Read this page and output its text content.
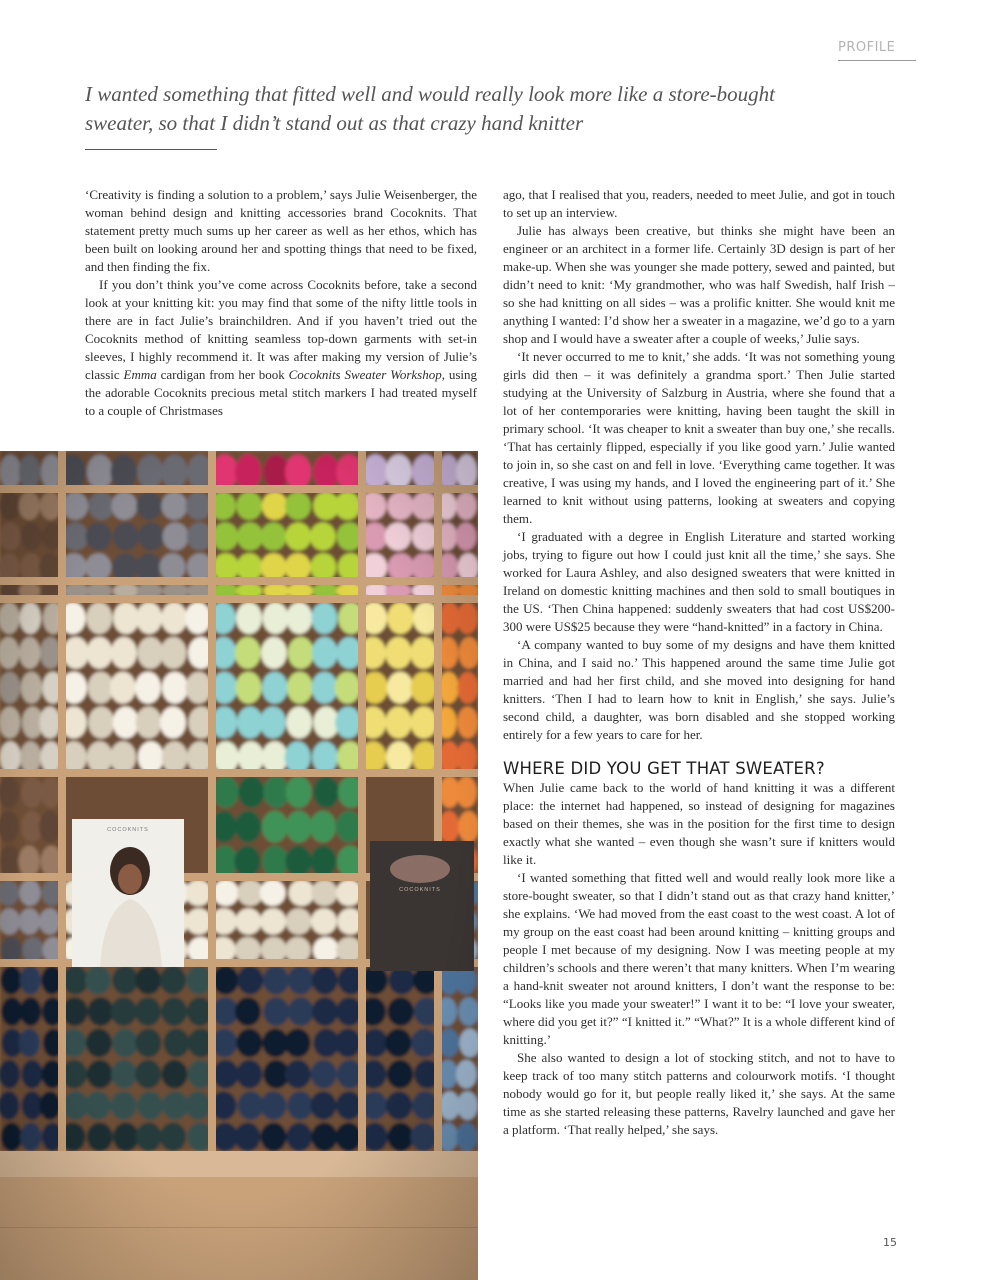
PROFILE

I wanted something that fitted well and would really look more like a store-bought sweater, so that I didn’t stand out as that crazy hand knitter

‘Creativity is finding a solution to a problem,’ says Julie Weisenberger, the woman behind design and knitting accessories brand Cocoknits. That statement pretty much sums up her career as well as her ethos, which has been built on looking around her and spotting things that need to be fixed, and then finding the fix.

If you don’t think you’ve come across Cocoknits before, take a second look at your knitting kit: you may find that some of the nifty little tools in there are in fact Julie’s brainchildren. And if you haven’t tried out the Cocoknits method of knitting seamless top-down garments with set-in sleeves, I highly recommend it. It was after making my version of Julie’s classic Emma cardigan from her book Cocoknits Sweater Workshop, using the adorable Cocoknits precious metal stitch markers I had treated myself to a couple of Christmases

ago, that I realised that you, readers, needed to meet Julie, and got in touch to set up an interview.

Julie has always been creative, but thinks she might have been an engineer or an architect in a former life. Certainly 3D design is part of her make-up. When she was younger she made pottery, sewed and painted, but didn’t need to knit: ‘My grandmother, who was half Swedish, half Irish – so she had knitting on all sides – was a prolific knitter. She would knit me anything I wanted: I’d show her a sweater in a magazine, we’d go to a yarn shop and I would have a sweater after a couple of weeks,’ Julie says.

‘It never occurred to me to knit,’ she adds. ‘It was not something young girls did then – it was definitely a grandma sport.’ Then Julie started studying at the University of Salzburg in Austria, where she found that a lot of her contemporaries were knitting, having been taught the skill in primary school. ‘It was cheaper to knit a sweater than buy one,’ she recalls. ‘That has certainly flipped, especially if you like good yarn.’ Julie wanted to join in, so she cast on and fell in love. ‘Everything came together. It was creative, I was using my hands, and I loved the engineering part of it.’ She learned to knit without using patterns, looking at sweaters and copying them.

‘I graduated with a degree in English Literature and started working jobs, trying to figure out how I could just knit all the time,’ she says. She worked for Laura Ashley, and also designed sweaters that were knitted in Ireland on domestic knitting machines and then sold to small boutiques in the US. ‘Then China happened: suddenly sweaters that had cost US$200-300 were US$25 because they were “hand-knitted” in a factory in China.

‘A company wanted to buy some of my designs and have them knitted in China, and I said no.’ This happened around the same time Julie got married and had her first child, and she moved into designing for hand knitters. ‘Then I had to learn how to knit in English,’ she says. Julie’s second child, a daughter, was born disabled and she stopped working entirely for a few years to care for her.

WHERE DID YOU GET THAT SWEATER?

When Julie came back to the world of hand knitting it was a different place: the internet had happened, so instead of designing for magazines based on their themes, she was in the position for the first time to design exactly what she wanted – even though she wasn’t sure if knitters would like it.

‘I wanted something that fitted well and would really look more like a store-bought sweater, so that I didn’t stand out as that crazy hand knitter,’ she explains. ‘We had moved from the east coast to the west coast. A lot of my group on the east coast had been around knitting – knitting groups and people I met because of my designing. Now I was meeting people at my children’s schools and there weren’t that many knitters. When I’m wearing a hand-knit sweater not around knitters, I don’t want the response to be: “Looks like you made your sweater!” I want it to be: “I love your sweater, where did you get it?” “I knitted it.” “What?” It is a whole different kind of knitting.’

She also wanted to design a lot of stocking stitch, and not to have to keep track of too many stitch patterns and colourwork motifs. ‘I thought nobody would go for it, but people really liked it,’ she says. At the same time as she started releasing these patterns, Ravelry launched and gave her a platform. ‘That really helped,’ she says.

15
